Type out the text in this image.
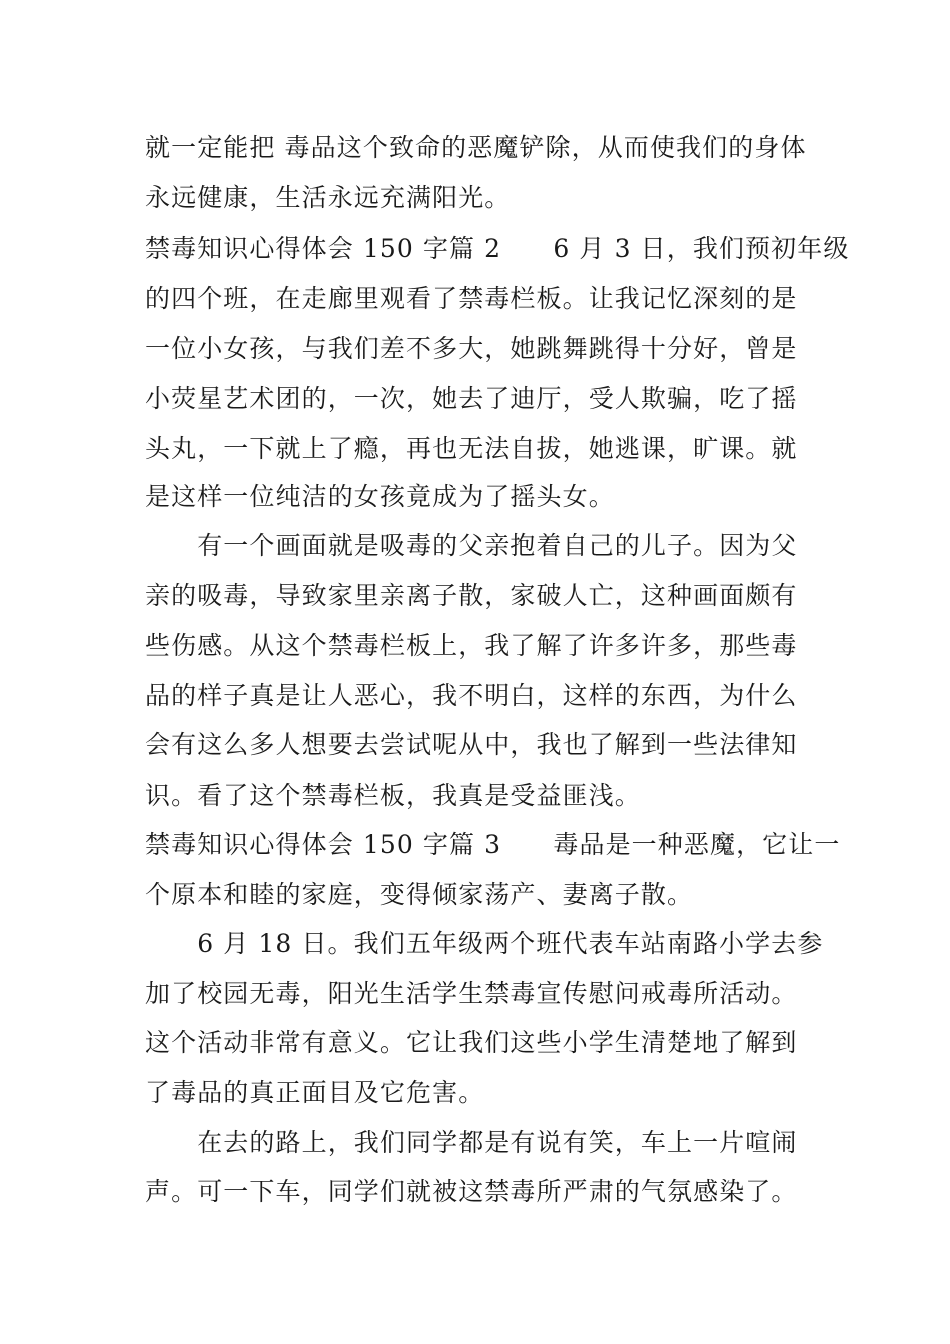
就一定能把 毒品这个致命的恶魔铲除，从而使我们的身体
永远健康，生活永远充满阳光。
禁毒知识心得体会 150 字篇 2　　6 月 3 日，我们预初年级
的四个班，在走廊里观看了禁毒栏板。让我记忆深刻的是
一位小女孩，与我们差不多大，她跳舞跳得十分好，曾是
小荧星艺术团的，一次，她去了迪厅，受人欺骗，吃了摇
头丸，一下就上了瘾，再也无法自拔，她逃课，旷课。就
是这样一位纯洁的女孩竟成为了摇头女。
　　有一个画面就是吸毒的父亲抱着自己的儿子。因为父
亲的吸毒，导致家里亲离子散，家破人亡，这种画面颇有
些伤感。从这个禁毒栏板上，我了解了许多许多，那些毒
品的样子真是让人恶心，我不明白，这样的东西，为什么
会有这么多人想要去尝试呢从中，我也了解到一些法律知
识。看了这个禁毒栏板，我真是受益匪浅。
禁毒知识心得体会 150 字篇 3　　毒品是一种恶魔，它让一
个原本和睦的家庭，变得倾家荡产、妻离子散。
　　6 月 18 日。我们五年级两个班代表车站南路小学去参
加了校园无毒，阳光生活学生禁毒宣传慰问戒毒所活动。
这个活动非常有意义。它让我们这些小学生清楚地了解到
了毒品的真正面目及它危害。
　　在去的路上，我们同学都是有说有笑，车上一片喧闹
声。可一下车，同学们就被这禁毒所严肃的气氛感染了。
